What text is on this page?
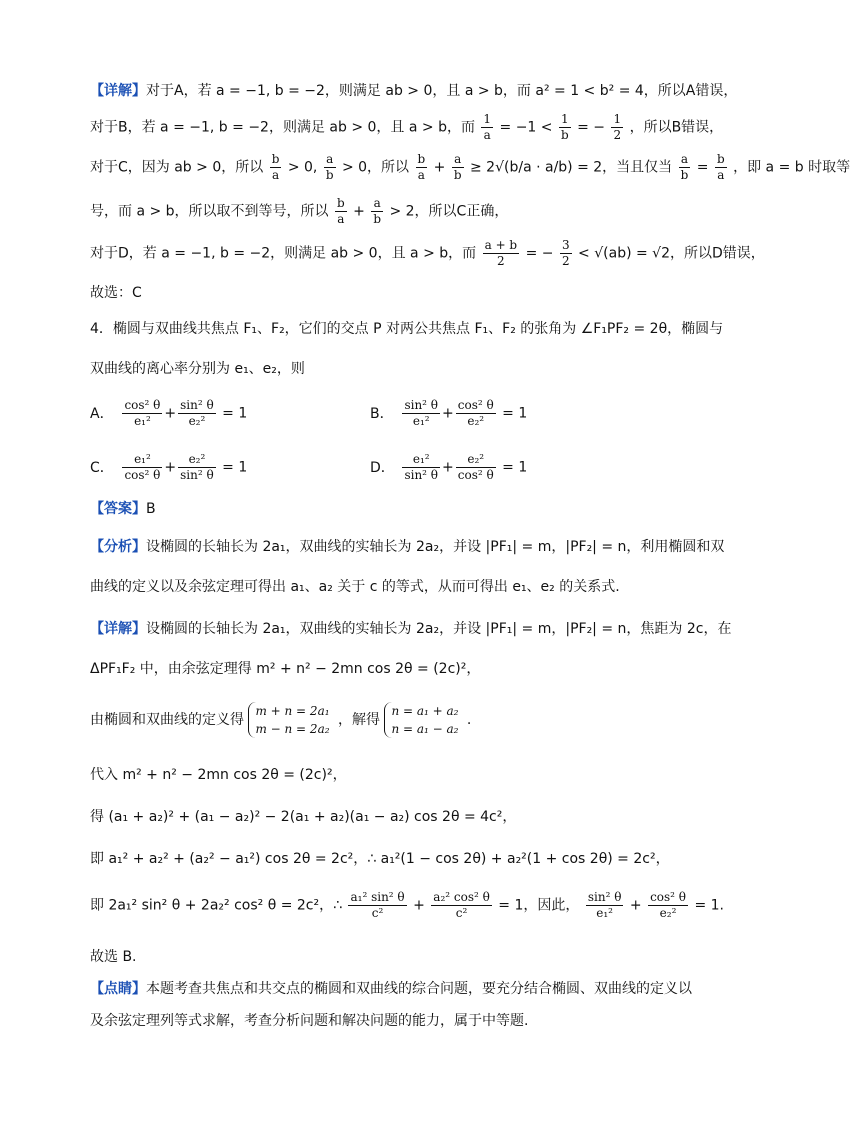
【详解】对于A，若 a = −1, b = −2，则满足 ab > 0，且 a > b，而 a² = 1 < b² = 4，所以A错误，
对于B，若 a = −1, b = −2，则满足 ab > 0，且 a > b，而 $\frac{1}{a} = -1 < \frac{1}{b}$ = − $\frac{1}{2}$ ，所以B错误，
对于C，因为 ab > 0，所以 $\frac{b}{a} > 0$, $\frac{a}{b} > 0$，所以 $\frac{b}{a} + \frac{a}{b} \ge 2√(b/a \cdot a/b) = 2$，当且仅当 $\frac{a}{b} = \frac{b}{a}$ ，即 a = b 时取等
号，而 a > b，所以取不到等号，所以 $\frac{b}{a} + \frac{a}{b} > 2$，所以C正确，
对于D，若 a = −1, b = −2，则满足 ab > 0，且 a > b，而 $\frac{a + b}{2}$ = − $\frac{3}{2} < √(ab) = √2$，所以D错误，
故选：C
4．椭圆与双曲线共焦点 F₁、F₂，它们的交点 P 对两公共焦点 F₁、F₂ 的张角为 ∠F₁PF₂ = 2θ，椭圆与
双曲线的离心率分别为 e₁、e₂，则
A． $\frac{\text{cos² θ}}{\text{e₁²}} + \frac{\text{sin² θ}}{\text{e₂²}} = 1$	B． $\frac{\text{sin² θ}}{\text{e₁²}} + \frac{\text{cos² θ}}{\text{e₂²}} = 1$
C． $\frac{\text{e₁²}}{\text{cos² θ}} + \frac{\text{e₂²}}{\text{sin² θ}} = 1$	D． $\frac{\text{e₁²}}{\text{sin² θ}} + \frac{\text{e₂²}}{\text{cos² θ}} = 1$
【答案】B
【分析】设椭圆的长轴长为 2a₁，双曲线的实轴长为 2a₂，并设 |PF₁| = m，|PF₂| = n，利用椭圆和双
曲线的定义以及余弦定理可得出 a₁、a₂ 关于 c 的等式，从而可得出 e₁、e₂ 的关系式.
【详解】设椭圆的长轴长为 2a₁，双曲线的实轴长为 2a₂，并设 |PF₁| = m，|PF₂| = n，焦距为 2c，在
ΔPF₁F₂ 中，由余弦定理得 m² + n² − 2mn cos 2θ = (2c)²，
由椭圆和双曲线的定义得
m + n = 2a₁
m − n = 2a₂
，解得
n = a₁ + a₂
n = a₁ − a₂
.
代入 m² + n² − 2mn cos 2θ = (2c)²，
得 (a₁ + a₂)² + (a₁ − a₂)² − 2(a₁ + a₂)(a₁ − a₂) cos 2θ = 4c²，
即 a₁² + a₂² + (a₂² − a₁²) cos 2θ = 2c²，∴ a₁²(1 − cos 2θ) + a₂²(1 + cos 2θ) = 2c²，
即 2a₁² sin² θ + 2a₂² cos² θ = 2c²，∴ $\frac{\text{a₁² sin² θ}}{\text{c²}} + \frac{\text{a₂² cos² θ}}{\text{c²}} = 1$，因此， $\frac{\text{sin² θ}}{\text{e₁²}} + \frac{\text{cos² θ}}{\text{e₂²}} = 1$.
故选 B.
【点睛】本题考查共焦点和共交点的椭圆和双曲线的综合问题，要充分结合椭圆、双曲线的定义以
及余弦定理列等式求解，考查分析问题和解决问题的能力，属于中等题.
